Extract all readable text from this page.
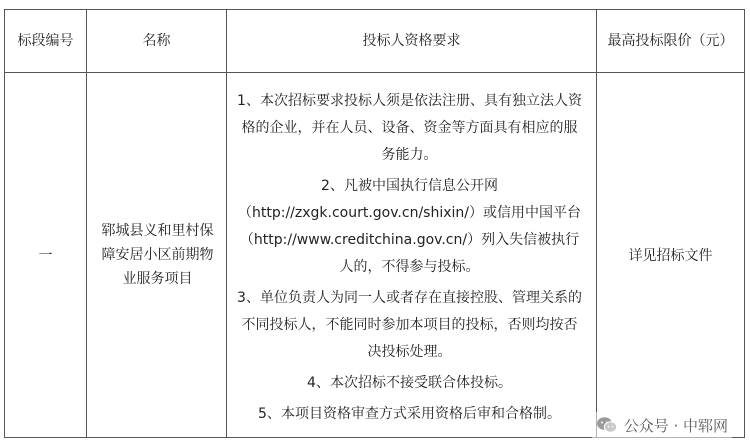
标段编号	名称	投标人资格要求	最高投标限价（元）
一	郓城县义和里村保障安居小区前期物业服务项目	1、本次招标要求投标人须是依法注册、具有独立法人资格的企业，并在人员、设备、资金等方面具有相应的服务能力。

2、凡被中国执行信息公开网（http://zxgk.court.gov.cn/shixin/）或信用中国平台（http://www.creditchina.gov.cn/）列入失信被执行人的，不得参与投标。

3、单位负责人为同一人或者存在直接控股、管理关系的不同投标人，不能同时参加本项目的投标，否则均按否决投标处理。

4、本次招标不接受联合体投标。

5、本项目资格审查方式采用资格后审和合格制。	详见招标文件
公众号 · 中郓网
